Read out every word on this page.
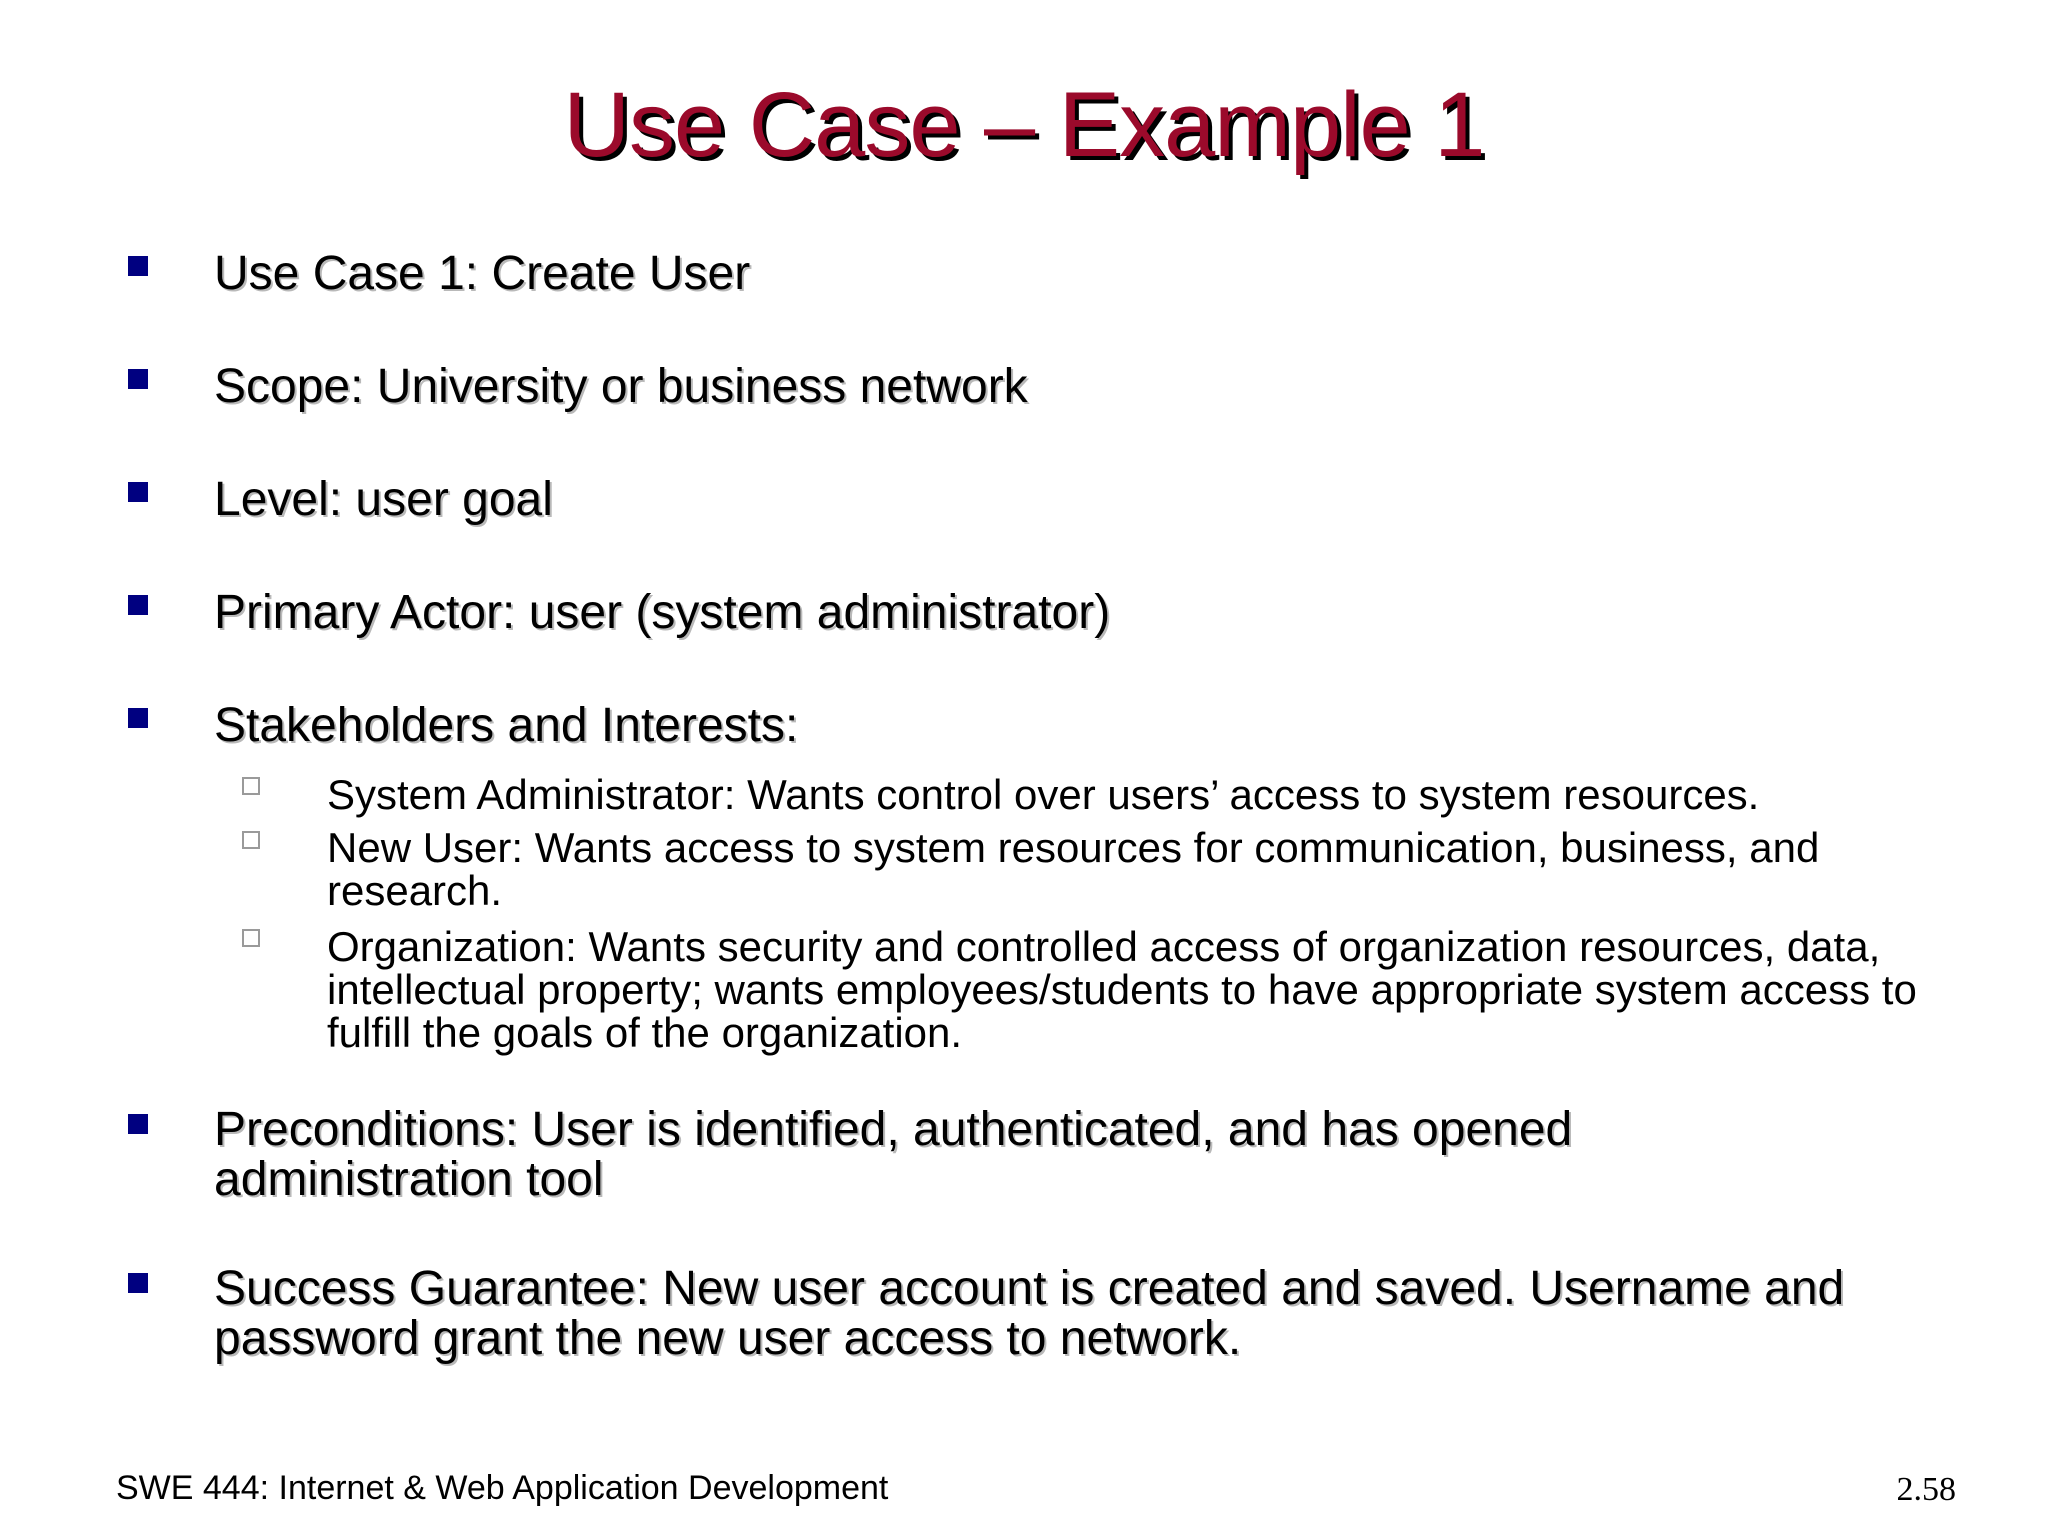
Use Case – Example 1
Use Case 1: Create User
Scope: University or business network
Level: user goal
Primary Actor: user (system administrator)
Stakeholders and Interests:
System Administrator: Wants control over users’ access to system resources.
New User: Wants access to system resources for communication, business, and research.
Organization: Wants security and controlled access of organization resources, data, intellectual property; wants employees/students to have appropriate system access to fulfill the goals of the organization.
Preconditions: User is identified, authenticated, and has opened administration tool
Success Guarantee: New user account is created and saved. Username and password grant the new user access to network.
SWE 444: Internet & Web Application Development	2.58
